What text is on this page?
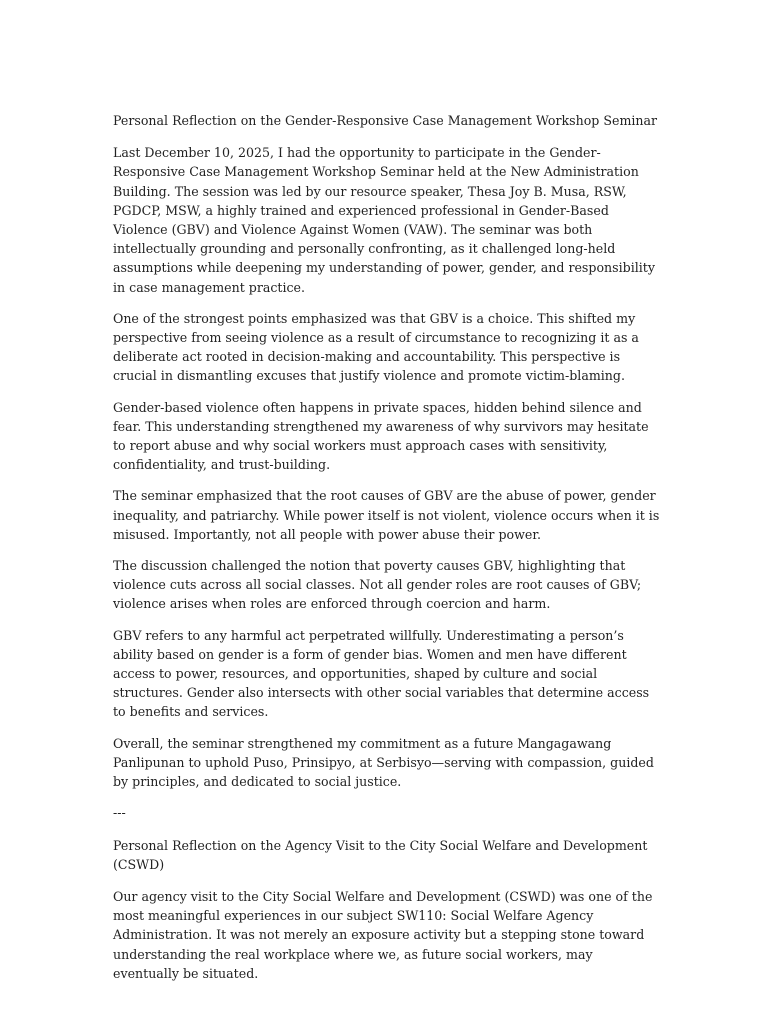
Personal Reflection on the Gender-Responsive Case Management Workshop Seminar

Last December 10, 2025, I had the opportunity to participate in the Gender-Responsive Case Management Workshop Seminar held at the New Administration Building. The session was led by our resource speaker, Thesa Joy B. Musa, RSW, PGDCP, MSW, a highly trained and experienced professional in Gender-Based Violence (GBV) and Violence Against Women (VAW). The seminar was both intellectually grounding and personally confronting, as it challenged long-held assumptions while deepening my understanding of power, gender, and responsibility in case management practice.

One of the strongest points emphasized was that GBV is a choice. This shifted my perspective from seeing violence as a result of circumstance to recognizing it as a deliberate act rooted in decision-making and accountability. This perspective is crucial in dismantling excuses that justify violence and promote victim-blaming.

Gender-based violence often happens in private spaces, hidden behind silence and fear. This understanding strengthened my awareness of why survivors may hesitate to report abuse and why social workers must approach cases with sensitivity, confidentiality, and trust-building.

The seminar emphasized that the root causes of GBV are the abuse of power, gender inequality, and patriarchy. While power itself is not violent, violence occurs when it is misused. Importantly, not all people with power abuse their power.

The discussion challenged the notion that poverty causes GBV, highlighting that violence cuts across all social classes. Not all gender roles are root causes of GBV; violence arises when roles are enforced through coercion and harm.

GBV refers to any harmful act perpetrated willfully. Underestimating a person’s ability based on gender is a form of gender bias. Women and men have different access to power, resources, and opportunities, shaped by culture and social structures. Gender also intersects with other social variables that determine access to benefits and services.

Overall, the seminar strengthened my commitment as a future Mangagawang Panlipunan to uphold Puso, Prinsipyo, at Serbisyo—serving with compassion, guided by principles, and dedicated to social justice.

---

Personal Reflection on the Agency Visit to the City Social Welfare and Development (CSWD)

Our agency visit to the City Social Welfare and Development (CSWD) was one of the most meaningful experiences in our subject SW110: Social Welfare Agency Administration. It was not merely an exposure activity but a stepping stone toward understanding the real workplace where we, as future social workers, may eventually be situated.
